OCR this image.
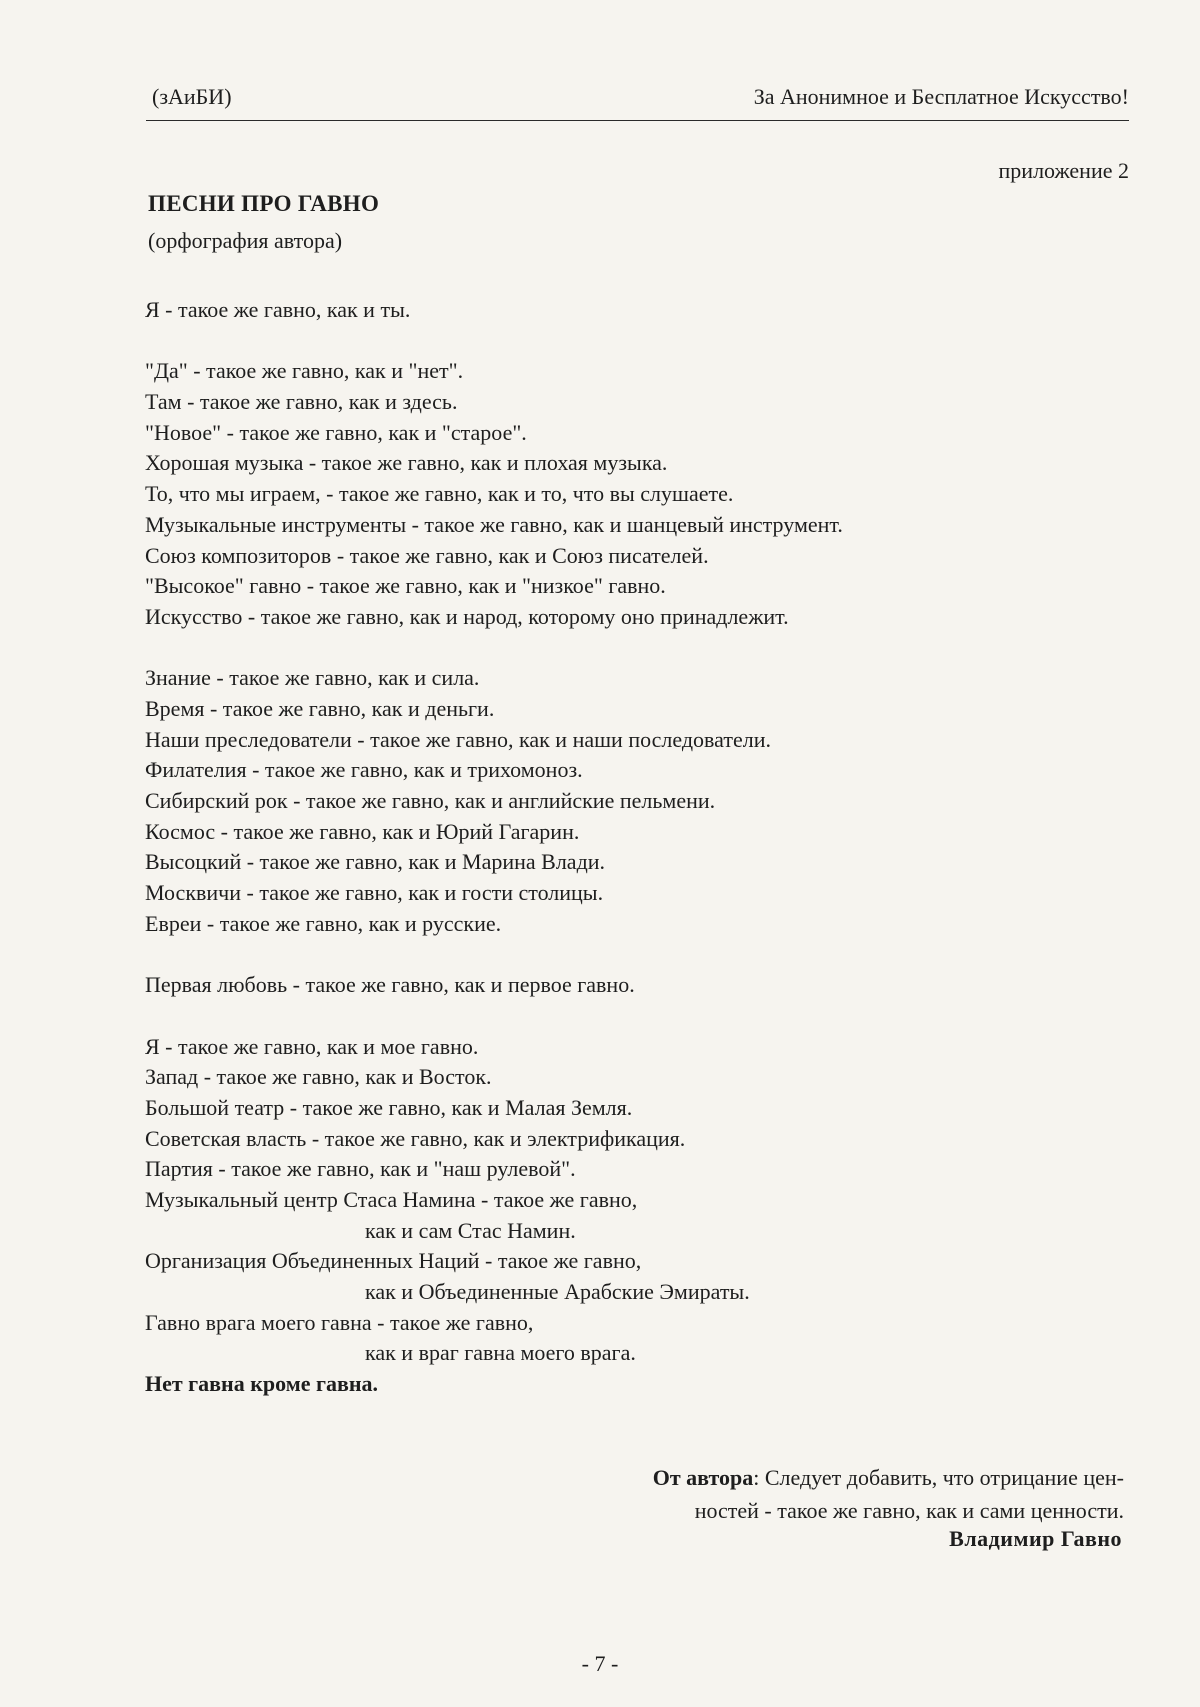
(зАиБИ)	За Анонимное и Бесплатное Искусство!
приложение 2
ПЕСНИ ПРО ГАВНО
(орфография автора)
Я - такое же гавно, как и ты.
"Да" - такое же гавно, как и "нет".
Там - такое же гавно, как и здесь.
"Новое" - такое же гавно, как и "старое".
Хорошая музыка - такое же гавно, как и плохая музыка.
То, что мы играем, - такое же гавно, как и то, что вы слушаете.
Музыкальные инструменты - такое же гавно, как и шанцевый инструмент.
Союз композиторов - такое же гавно, как и Союз писателей.
"Высокое" гавно - такое же гавно, как и "низкое" гавно.
Искусство - такое же гавно, как и народ, которому оно принадлежит.
Знание - такое же гавно, как и сила.
Время - такое же гавно, как и деньги.
Наши преследователи - такое же гавно, как и наши последователи.
Филателия - такое же гавно, как и трихомоноз.
Сибирский рок - такое же гавно, как и английские пельмени.
Космос - такое же гавно, как и Юрий Гагарин.
Высоцкий - такое же гавно, как и Марина Влади.
Москвичи - такое же гавно, как и гости столицы.
Евреи - такое же гавно, как и русские.
Первая любовь - такое же гавно, как и первое гавно.
Я - такое же гавно, как и мое гавно.
Запад - такое же гавно, как и Восток.
Большой театр - такое же гавно, как и Малая Земля.
Советская власть - такое же гавно, как и электрификация.
Партия - такое же гавно, как и "наш рулевой".
Музыкальный центр Стаса Намина - такое же гавно,
как и сам Стас Намин.
Организация Объединенных Наций - такое же гавно,
как и Объединенные Арабские Эмираты.
Гавно врага моего гавна - такое же гавно,
как и враг гавна моего врага.
Нет гавна кроме гавна.
От автора: Следует добавить, что отрицание цен-
ностей - такое же гавно, как и сами ценности.
Владимир Гавно
- 7 -
